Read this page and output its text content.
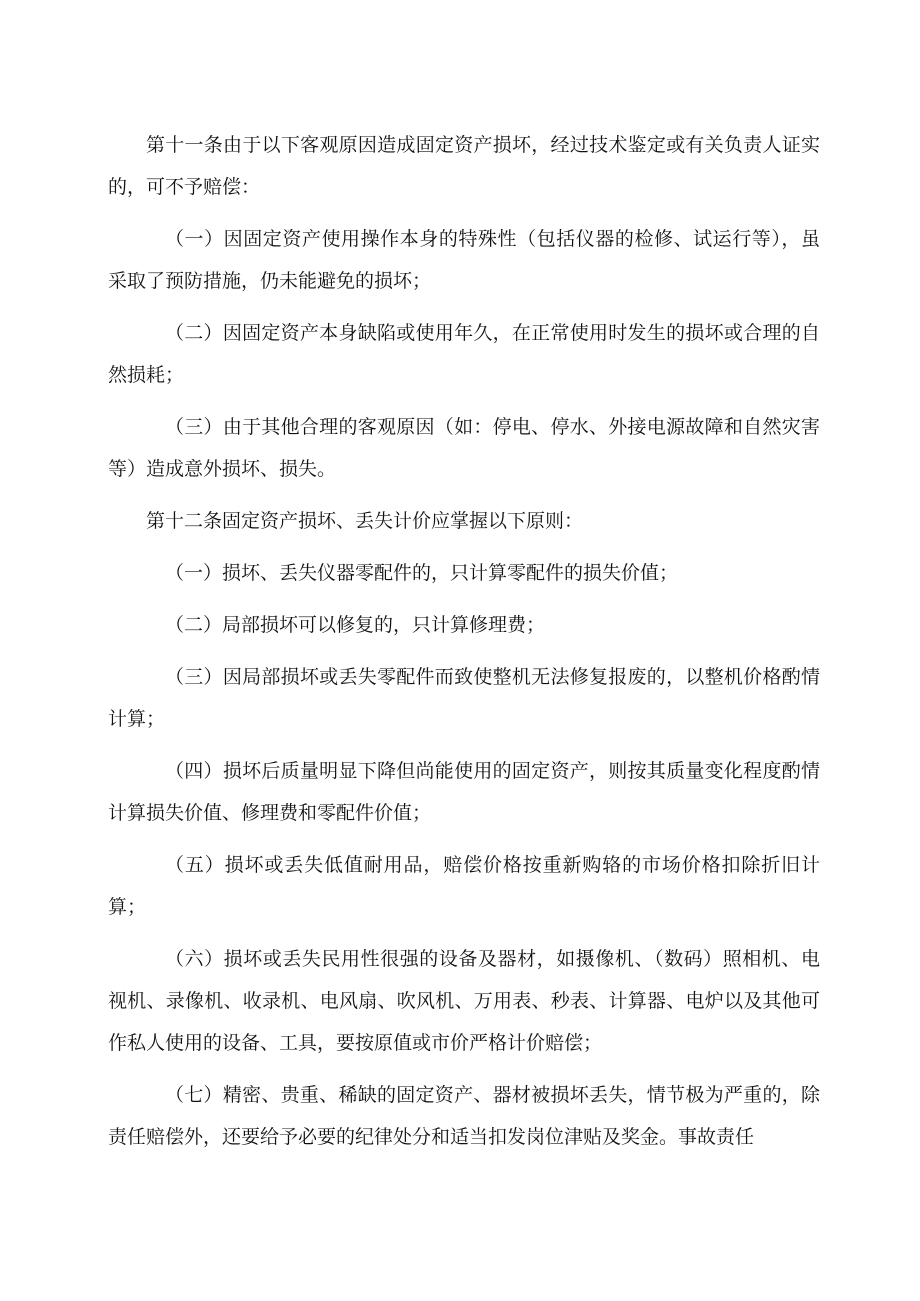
第十一条由于以下客观原因造成固定资产损坏，经过技术鉴定或有关负责人证实的，可不予赔偿：

（一）因固定资产使用操作本身的特殊性（包括仪器的检修、试运行等），虽采取了预防措施，仍未能避免的损坏；

（二）因固定资产本身缺陷或使用年久，在正常使用时发生的损坏或合理的自然损耗；

（三）由于其他合理的客观原因（如：停电、停水、外接电源故障和自然灾害等）造成意外损坏、损失。

第十二条固定资产损坏、丢失计价应掌握以下原则：

（一）损坏、丢失仪器零配件的，只计算零配件的损失价值；

（二）局部损坏可以修复的，只计算修理费；

（三）因局部损坏或丢失零配件而致使整机无法修复报废的，以整机价格酌情计算；

（四）损坏后质量明显下降但尚能使用的固定资产，则按其质量变化程度酌情计算损失价值、修理费和零配件价值；

（五）损坏或丢失低值耐用品，赔偿价格按重新购辂的市场价格扣除折旧计算；

（六）损坏或丢失民用性很强的设备及器材，如摄像机、（数码）照相机、电视机、录像机、收录机、电风扇、吹风机、万用表、秒表、计算器、电炉以及其他可作私人使用的设备、工具，要按原值或市价严格计价赔偿；

（七）精密、贵重、稀缺的固定资产、器材被损坏丢失，情节极为严重的，除责任赔偿外，还要给予必要的纪律处分和适当扣发岗位津贴及奖金。事故责任
